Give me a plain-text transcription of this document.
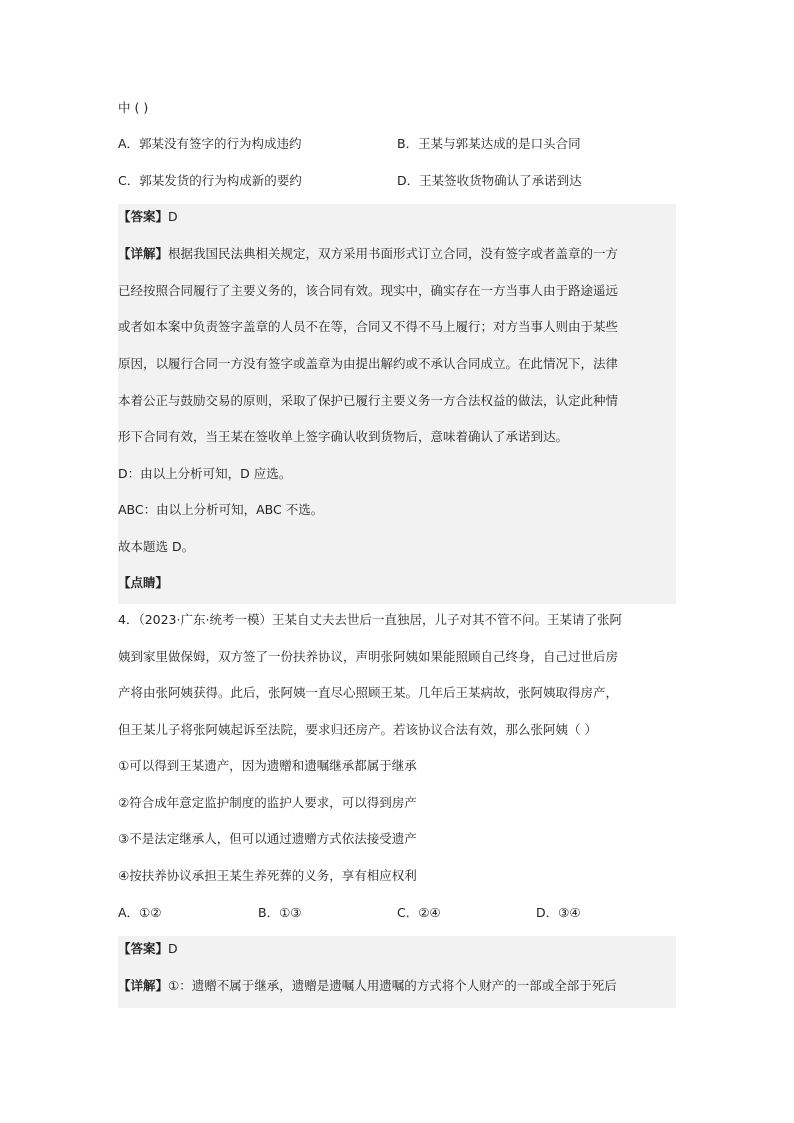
中 ( )
A．郭某没有签字的行为构成违约	B．王某与郭某达成的是口头合同
C．郭某发货的行为构成新的要约	D．王某签收货物确认了承诺到达
【答案】D
【详解】根据我国民法典相关规定，双方采用书面形式订立合同，没有签字或者盖章的一方
已经按照合同履行了主要义务的，该合同有效。现实中，确实存在一方当事人由于路途遥远
或者如本案中负责签字盖章的人员不在等，合同又不得不马上履行；对方当事人则由于某些
原因，以履行合同一方没有签字或盖章为由提出解约或不承认合同成立。在此情况下，法律
本着公正与鼓励交易的原则，采取了保护已履行主要义务一方合法权益的做法，认定此种情
形下合同有效，当王某在签收单上签字确认收到货物后，意味着确认了承诺到达。
D：由以上分析可知，D 应选。
ABC：由以上分析可知，ABC 不选。
故本题选 D。
【点睛】
4．（2023·广东·统考一模）王某自丈夫去世后一直独居，儿子对其不管不问。王某请了张阿
姨到家里做保姆，双方签了一份扶养协议，声明张阿姨如果能照顾自己终身，自己过世后房
产将由张阿姨获得。此后，张阿姨一直尽心照顾王某。几年后王某病故，张阿姨取得房产，
但王某儿子将张阿姨起诉至法院，要求归还房产。若该协议合法有效，那么张阿姨（ ）
①可以得到王某遗产，因为遗赠和遗嘱继承都属于继承
②符合成年意定监护制度的监护人要求，可以得到房产
③不是法定继承人，但可以通过遗赠方式依法接受遗产
④按扶养协议承担王某生养死葬的义务，享有相应权利
A．①②	B．①③	C．②④	D．③④
【答案】D
【详解】①：遗赠不属于继承，遗赠是遗嘱人用遗嘱的方式将个人财产的一部或全部于死后
